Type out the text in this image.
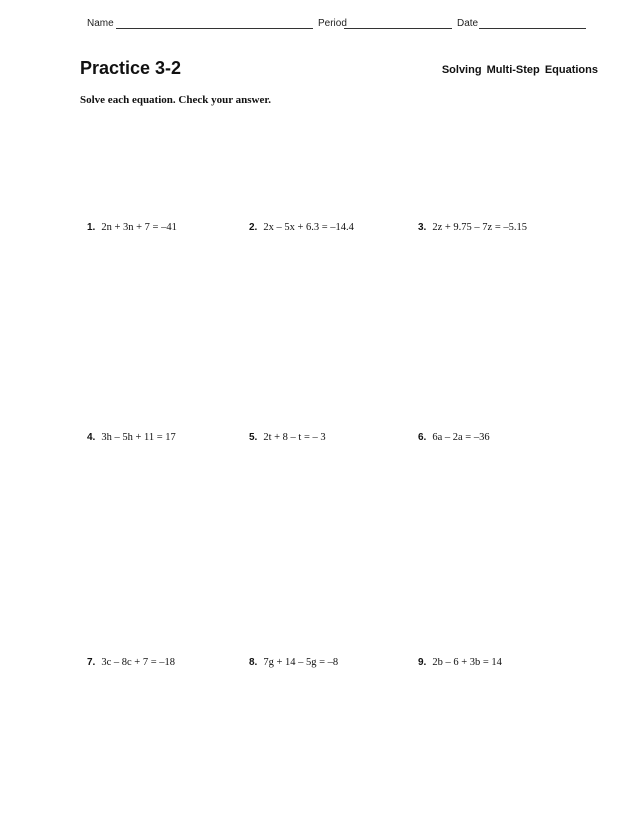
Name	Period	Date
Practice 3-2	Solving Multi-Step Equations
Solve each equation. Check your answer.
1. 2n + 3n + 7 = –41	2. 2x – 5x + 6.3 = –14.4	3. 2z + 9.75 – 7z = –5.15
4. 3h – 5h + 11 = 17	5. 2t + 8 – t = – 3	6. 6a – 2a = –36
7. 3c – 8c + 7 = –18	8. 7g + 14 – 5g = –8	9. 2b – 6 + 3b = 14
